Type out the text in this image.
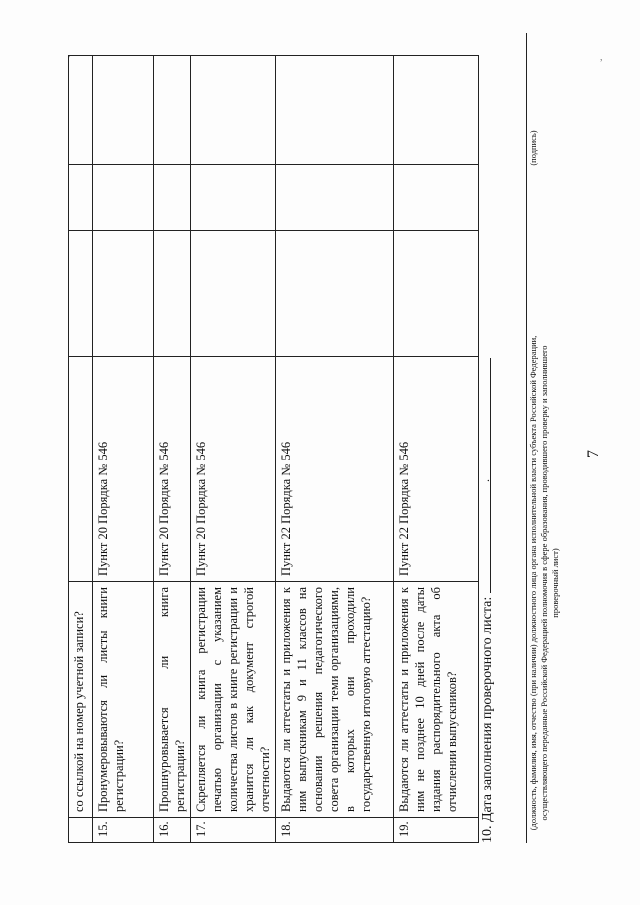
,	,
7
	со ссылкой на номер учетной записи?				
15.	Пронумеровываются ли листы книги регистрации?	Пункт 20 Порядка № 546			
16.	Прошнуровывается ли книга регистрации?	Пункт 20 Порядка № 546			
17.	Скрепляется ли книга регистрации печатью организации с указанием количества листов в книге регистрации и хранится ли как документ строгой отчетности?	Пункт 20 Порядка № 546			
18.	Выдаются ли аттестаты и приложения к ним выпускникам 9 и 11 классов на основании решения педагогического совета организации теми организациями, в которых они проходили государственную итоговую аттестацию?	Пункт 22 Порядка № 546			
19.	Выдаются ли аттестаты и приложения к ним не позднее 10 дней после даты издания распорядительного акта об отчислении выпускников?	Пункт 22 Порядка № 546			
10. Дата заполнения проверочного листа:
.	(должность, фамилия, имя, отчество (при наличии) должностного лица органа исполнительной власти субъекта Российской Федерации, осуществляющего переданные Российской Федерацией полномочия в сфере образования, проводившего проверку и заполнившего проверочный лист)
(подпись)
